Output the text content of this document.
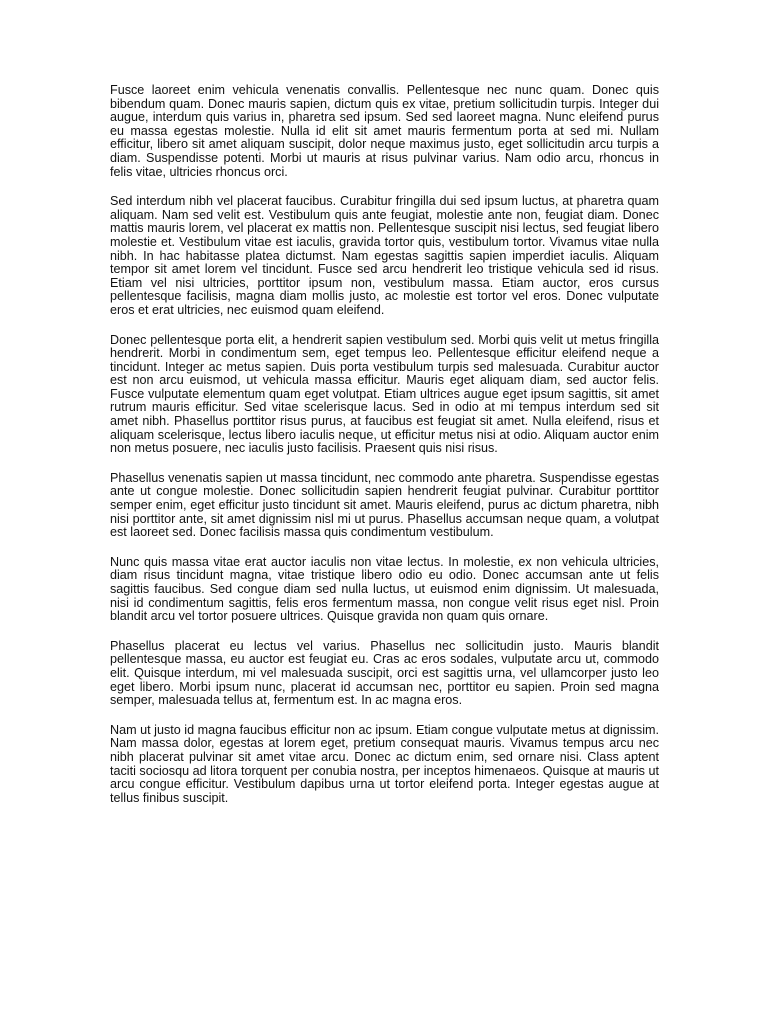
Fusce laoreet enim vehicula venenatis convallis. Pellentesque nec nunc quam. Donec quis bibendum quam. Donec mauris sapien, dictum quis ex vitae, pretium sollicitudin turpis. Integer dui augue, interdum quis varius in, pharetra sed ipsum. Sed sed laoreet magna. Nunc eleifend purus eu massa egestas molestie. Nulla id elit sit amet mauris fermentum porta at sed mi. Nullam efficitur, libero sit amet aliquam suscipit, dolor neque maximus justo, eget sollicitudin arcu turpis a diam. Suspendisse potenti. Morbi ut mauris at risus pulvinar varius. Nam odio arcu, rhoncus in felis vitae, ultricies rhoncus orci.

Sed interdum nibh vel placerat faucibus. Curabitur fringilla dui sed ipsum luctus, at pharetra quam aliquam. Nam sed velit est. Vestibulum quis ante feugiat, molestie ante non, feugiat diam. Donec mattis mauris lorem, vel placerat ex mattis non. Pellentesque suscipit nisi lectus, sed feugiat libero molestie et. Vestibulum vitae est iaculis, gravida tortor quis, vestibulum tortor. Vivamus vitae nulla nibh. In hac habitasse platea dictumst. Nam egestas sagittis sapien imperdiet iaculis. Aliquam tempor sit amet lorem vel tincidunt. Fusce sed arcu hendrerit leo tristique vehicula sed id risus. Etiam vel nisi ultricies, porttitor ipsum non, vestibulum massa. Etiam auctor, eros cursus pellentesque facilisis, magna diam mollis justo, ac molestie est tortor vel eros. Donec vulputate eros et erat ultricies, nec euismod quam eleifend.

Donec pellentesque porta elit, a hendrerit sapien vestibulum sed. Morbi quis velit ut metus fringilla hendrerit. Morbi in condimentum sem, eget tempus leo. Pellentesque efficitur eleifend neque a tincidunt. Integer ac metus sapien. Duis porta vestibulum turpis sed malesuada. Curabitur auctor est non arcu euismod, ut vehicula massa efficitur. Mauris eget aliquam diam, sed auctor felis. Fusce vulputate elementum quam eget volutpat. Etiam ultrices augue eget ipsum sagittis, sit amet rutrum mauris efficitur. Sed vitae scelerisque lacus. Sed in odio at mi tempus interdum sed sit amet nibh. Phasellus porttitor risus purus, at faucibus est feugiat sit amet. Nulla eleifend, risus et aliquam scelerisque, lectus libero iaculis neque, ut efficitur metus nisi at odio. Aliquam auctor enim non metus posuere, nec iaculis justo facilisis. Praesent quis nisi risus.

Phasellus venenatis sapien ut massa tincidunt, nec commodo ante pharetra. Suspendisse egestas ante ut congue molestie. Donec sollicitudin sapien hendrerit feugiat pulvinar. Curabitur porttitor semper enim, eget efficitur justo tincidunt sit amet. Mauris eleifend, purus ac dictum pharetra, nibh nisi porttitor ante, sit amet dignissim nisl mi ut purus. Phasellus accumsan neque quam, a volutpat est laoreet sed. Donec facilisis massa quis condimentum vestibulum.

Nunc quis massa vitae erat auctor iaculis non vitae lectus. In molestie, ex non vehicula ultricies, diam risus tincidunt magna, vitae tristique libero odio eu odio. Donec accumsan ante ut felis sagittis faucibus. Sed congue diam sed nulla luctus, ut euismod enim dignissim. Ut malesuada, nisi id condimentum sagittis, felis eros fermentum massa, non congue velit risus eget nisl. Proin blandit arcu vel tortor posuere ultrices. Quisque gravida non quam quis ornare.

Phasellus placerat eu lectus vel varius. Phasellus nec sollicitudin justo. Mauris blandit pellentesque massa, eu auctor est feugiat eu. Cras ac eros sodales, vulputate arcu ut, commodo elit. Quisque interdum, mi vel malesuada suscipit, orci est sagittis urna, vel ullamcorper justo leo eget libero. Morbi ipsum nunc, placerat id accumsan nec, porttitor eu sapien. Proin sed magna semper, malesuada tellus at, fermentum est. In ac magna eros.

Nam ut justo id magna faucibus efficitur non ac ipsum. Etiam congue vulputate metus at dignissim. Nam massa dolor, egestas at lorem eget, pretium consequat mauris. Vivamus tempus arcu nec nibh placerat pulvinar sit amet vitae arcu. Donec ac dictum enim, sed ornare nisi. Class aptent taciti sociosqu ad litora torquent per conubia nostra, per inceptos himenaeos. Quisque at mauris ut arcu congue efficitur. Vestibulum dapibus urna ut tortor eleifend porta. Integer egestas augue at tellus finibus suscipit.
